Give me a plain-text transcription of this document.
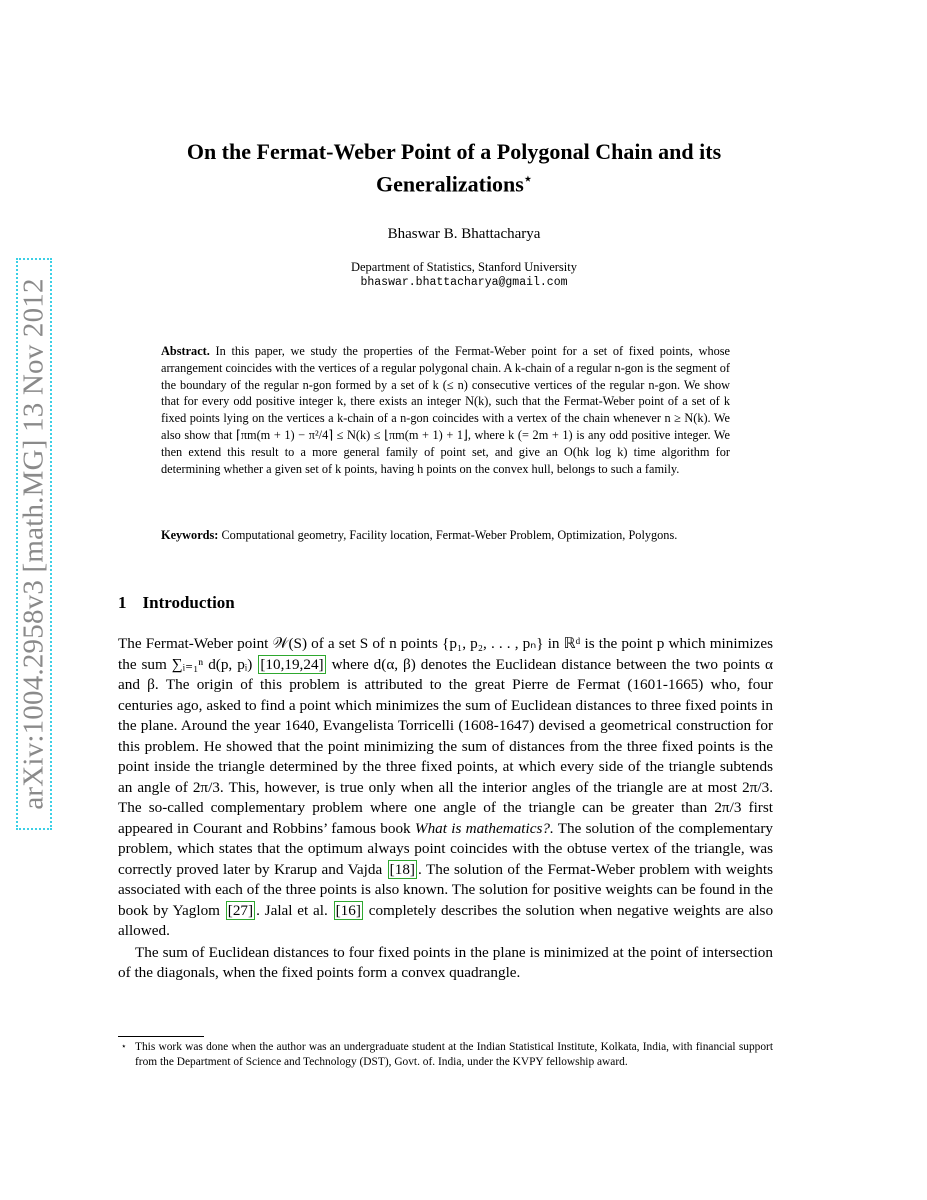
arXiv:1004.2958v3 [math.MG] 13 Nov 2012
On the Fermat-Weber Point of a Polygonal Chain and its
Generalizations⋆
Bhaswar B. Bhattacharya
Department of Statistics, Stanford University
bhaswar.bhattacharya@gmail.com
Abstract. In this paper, we study the properties of the Fermat-Weber point for a set of fixed points, whose arrangement coincides with the vertices of a regular polygonal chain. A k-chain of a regular n-gon is the segment of the boundary of the regular n-gon formed by a set of k (≤ n) consecutive vertices of the regular n-gon. We show that for every odd positive integer k, there exists an integer N(k), such that the Fermat-Weber point of a set of k fixed points lying on the vertices a k-chain of a n-gon coincides with a vertex of the chain whenever n ≥ N(k). We also show that ⌈πm(m + 1) − π²/4⌉ ≤ N(k) ≤ ⌊πm(m + 1) + 1⌋, where k (= 2m + 1) is any odd positive integer. We then extend this result to a more general family of point set, and give an O(hk log k) time algorithm for determining whether a given set of k points, having h points on the convex hull, belongs to such a family.
Keywords: Computational geometry, Facility location, Fermat-Weber Problem, Optimization, Polygons.
1 Introduction

The Fermat-Weber point 𝒲(S) of a set S of n points {p₁, p₂, . . . , pₙ} in ℝᵈ is the point p which minimizes the sum ∑ᵢ₌₁ⁿ d(p, pᵢ) [10,19,24] where d(α, β) denotes the Euclidean distance between the two points α and β. The origin of this problem is attributed to the great Pierre de Fermat (1601-1665) who, four centuries ago, asked to find a point which minimizes the sum of Euclidean distances to three fixed points in the plane. Around the year 1640, Evangelista Torricelli (1608-1647) devised a geometrical construction for this problem. He showed that the point minimizing the sum of distances from the three fixed points is the point inside the triangle determined by the three fixed points, at which every side of the triangle subtends an angle of 2π/3. This, however, is true only when all the interior angles of the triangle are at most 2π/3. The so-called complementary problem where one angle of the triangle can be greater than 2π/3 first appeared in Courant and Robbins’ famous book What is mathematics?. The solution of the complementary problem, which states that the optimum always point coincides with the obtuse vertex of the triangle, was correctly proved later by Krarup and Vajda [18] . The solution of the Fermat-Weber problem with weights associated with each of the three points is also known. The solution for positive weights can be found in the book by Yaglom [27] . Jalal et al. [16] completely describes the solution when negative weights are also allowed.

The sum of Euclidean distances to four fixed points in the plane is minimized at the point of intersection of the diagonals, when the fixed points form a convex quadrangle.

⋆ This work was done when the author was an undergraduate student at the Indian Statistical Institute, Kolkata, India, with financial support from the Department of Science and Technology (DST), Govt. of. India, under the KVPY fellowship award.
